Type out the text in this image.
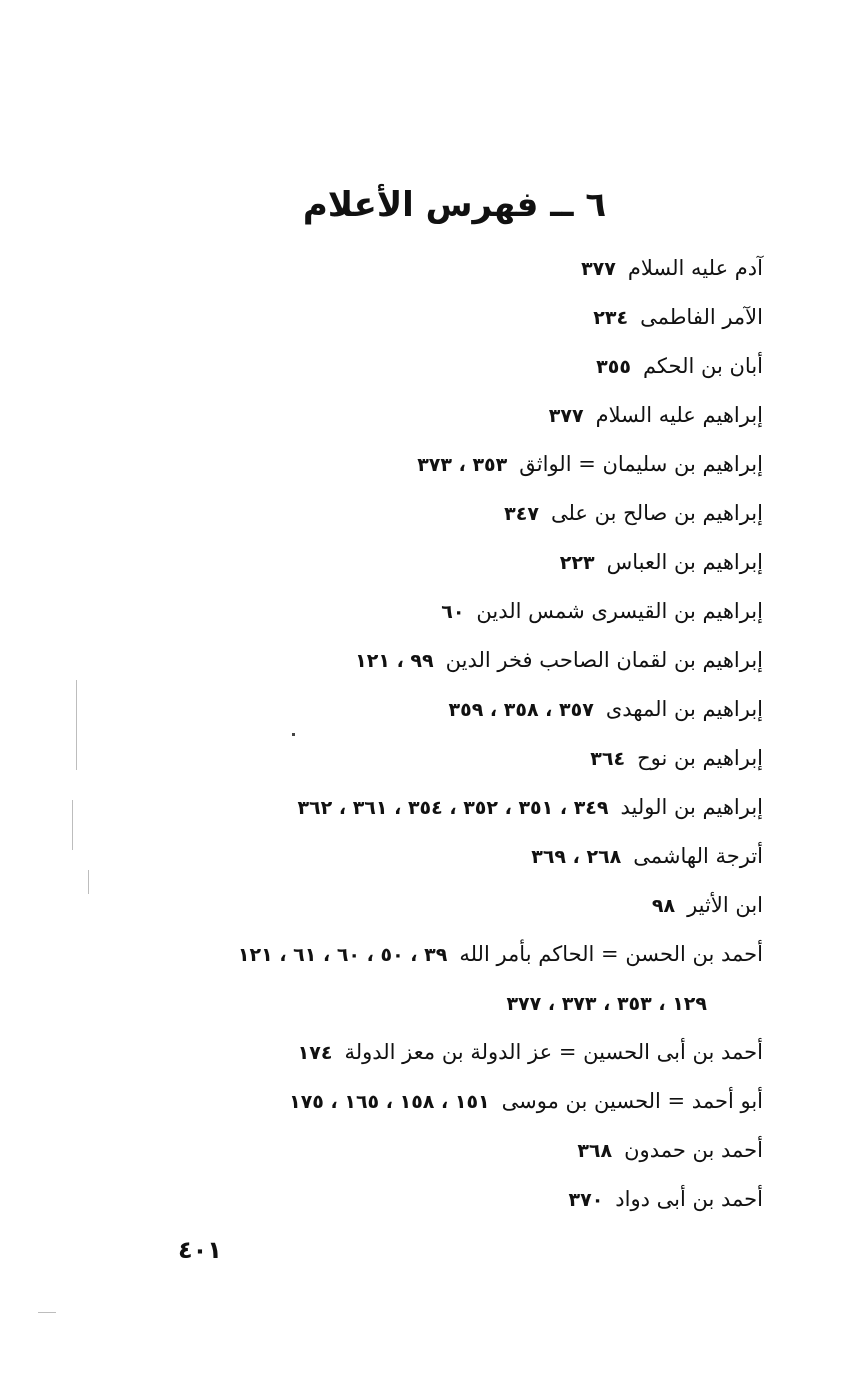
٦ ــ فهرس الأعلام
آدم عليه السلام٣٧٧
الآمر الفاطمى٢٣٤
أبان بن الحكم٣٥٥
إبراهيم عليه السلام٣٧٧
إبراهيم بن سليمان = الواثق٣٥٣ ، ٣٧٣
إبراهيم بن صالح بن على٣٤٧
إبراهيم بن العباس٢٢٣
إبراهيم بن القيسرى شمس الدين٦٠
إبراهيم بن لقمان الصاحب فخر الدين٩٩ ، ١٢١
إبراهيم بن المهدى٣٥٧ ، ٣٥٨ ، ٣٥٩
إبراهيم بن نوح٣٦٤
إبراهيم بن الوليد٣٤٩ ، ٣٥١ ، ٣٥٢ ، ٣٥٤ ، ٣٦١ ، ٣٦٢
أترجة الهاشمى٢٦٨ ، ٣٦٩
ابن الأثير٩٨
أحمد بن الحسن = الحاكم بأمر الله٣٩ ، ٥٠ ، ٦٠ ، ٦١ ، ١٢١
١٢٩ ، ٣٥٣ ، ٣٧٣ ، ٣٧٧
أحمد بن أبى الحسين = عز الدولة بن معز الدولة١٧٤
أبو أحمد = الحسين بن موسى١٥١ ، ١٥٨ ، ١٦٥ ، ١٧٥
أحمد بن حمدون٣٦٨
أحمد بن أبى دواد٣٧٠
٤٠١
